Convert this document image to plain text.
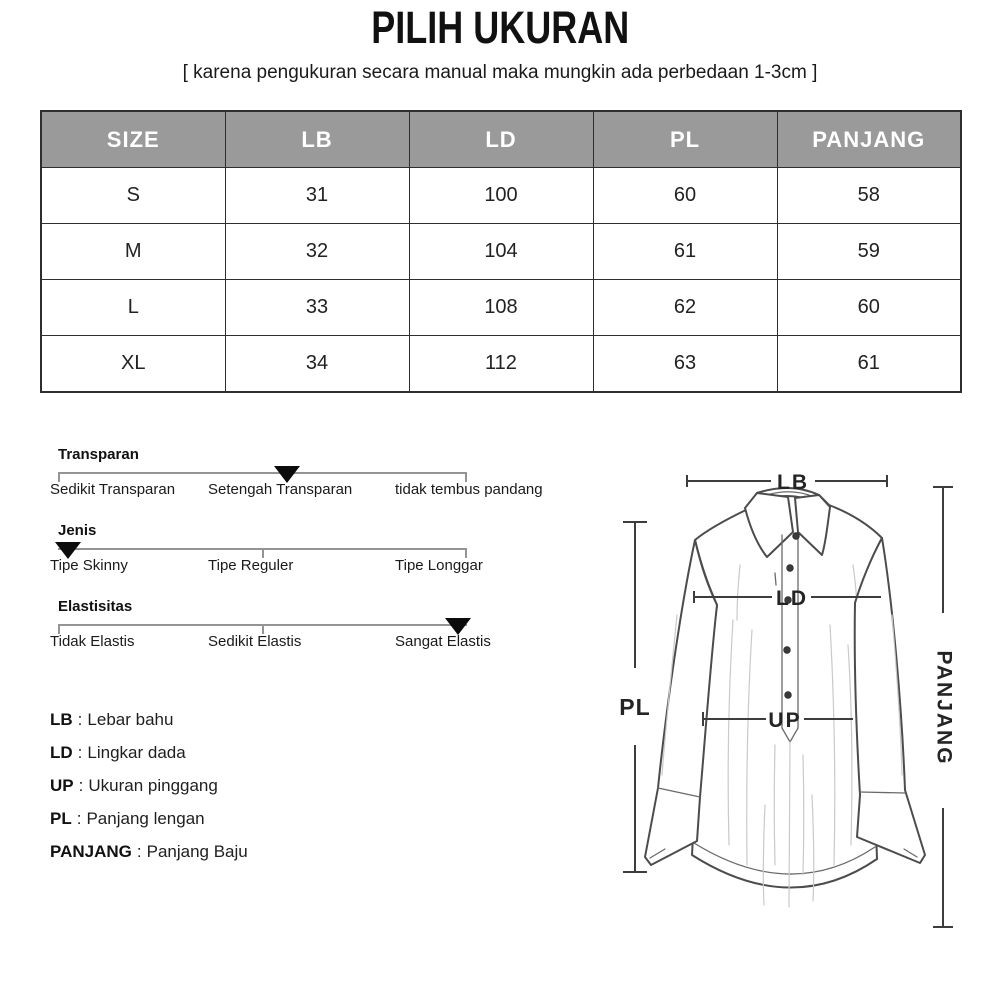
PILIH UKURAN
[ karena pengukuran secara manual maka mungkin ada perbedaan 1-3cm ]
SIZE	LB	LD	PL	PANJANG
S	31	100	60	58
M	32	104	61	59
L	33	108	62	60
XL	34	112	63	61
Transparan
Sedikit Transparan Setengah Transparan	tidak tembus pandang
Jenis
Tipe Skinny	Tipe Reguler	Tipe Longgar
Elastisitas
Tidak Elastis	Sedikit Elastis	Sangat Elastis
LB : Lebar bahu
LD : Lingkar dada
UP : Ukuran pinggang
PL : Panjang lengan
PANJANG : Panjang Baju
LB
LD
UP
PL	PANJANG
